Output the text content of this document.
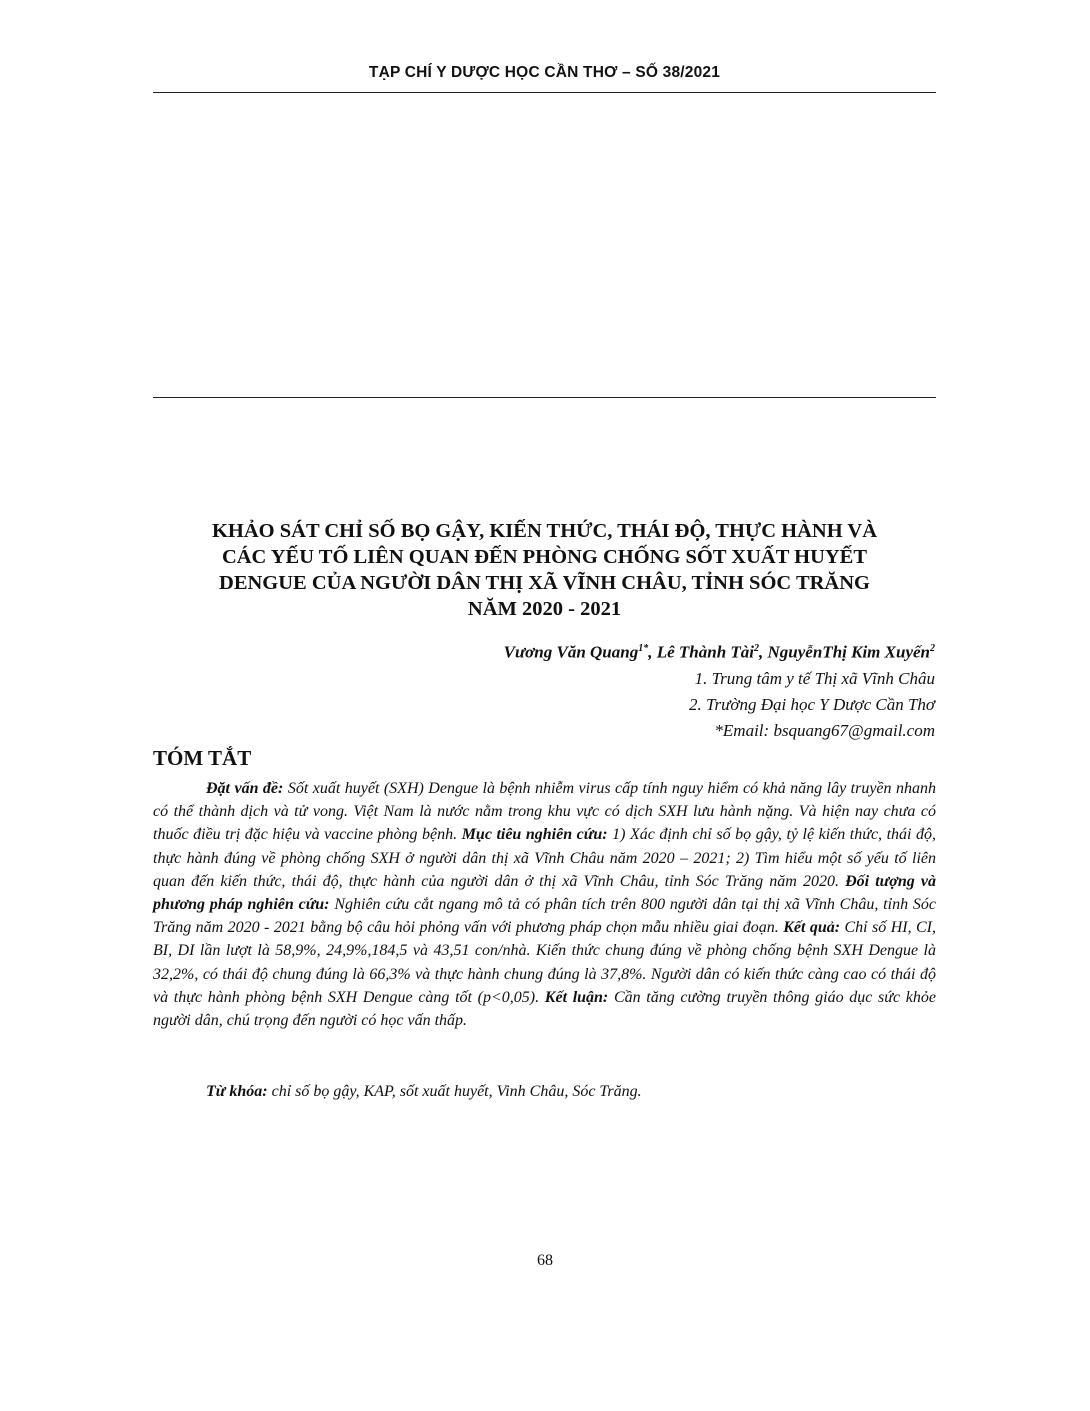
TẠP CHÍ Y DƯỢC HỌC CẦN THƠ – SỐ 38/2021
KHẢO SÁT CHỈ SỐ BỌ GẬY, KIẾN THỨC, THÁI ĐỘ, THỰC HÀNH VÀ
CÁC YẾU TỐ LIÊN QUAN ĐẾN PHÒNG CHỐNG SỐT XUẤT HUYẾT
DENGUE CỦA NGƯỜI DÂN THỊ XÃ VĨNH CHÂU, TỈNH SÓC TRĂNG
NĂM 2020 - 2021
Vương Văn Quang$^{1*}$, Lê Thành Tài$^2$, NguyễnThị Kim Xuyến$^2$
1. Trung tâm y tế Thị xã Vĩnh Châu
2. Trường Đại học Y Dược Cần Thơ
*Email: bsquang67@gmail.com
TÓM TẮT
Đặt vấn đề: Sốt xuất huyết (SXH) Dengue là bệnh nhiễm virus cấp tính nguy hiểm có khả năng lây truyền nhanh có thể thành dịch và tử vong. Việt Nam là nước nằm trong khu vực có dịch SXH lưu hành nặng. Và hiện nay chưa có thuốc điều trị đặc hiệu và vaccine phòng bệnh. Mục tiêu nghiên cứu: 1) Xác định chỉ số bọ gậy, tỷ lệ kiến thức, thái độ, thực hành đúng về phòng chống SXH ở người dân thị xã Vĩnh Châu năm 2020 – 2021; 2) Tìm hiểu một số yếu tố liên quan đến kiến thức, thái độ, thực hành của người dân ở thị xã Vĩnh Châu, tỉnh Sóc Trăng năm 2020. Đối tượng và phương pháp nghiên cứu: Nghiên cứu cắt ngang mô tả có phân tích trên 800 người dân tại thị xã Vĩnh Châu, tỉnh Sóc Trăng năm 2020 - 2021 bằng bộ câu hỏi phỏng vấn với phương pháp chọn mẫu nhiều giai đoạn. Kết quả: Chỉ số HI, CI, BI, DI lần lượt là 58,9%, 24,9%,184,5 và 43,51 con/nhà. Kiến thức chung đúng về phòng chống bệnh SXH Dengue là 32,2%, có thái độ chung đúng là 66,3% và thực hành chung đúng là 37,8%. Người dân có kiến thức càng cao có thái độ và thực hành phòng bệnh SXH Dengue càng tốt (p<0,05). Kết luận: Cần tăng cường truyền thông giáo dục sức khỏe người dân, chú trọng đến người có học vấn thấp.
Từ khóa: chỉ số bọ gậy, KAP, sốt xuất huyết, Vinh Châu, Sóc Trăng.
68
